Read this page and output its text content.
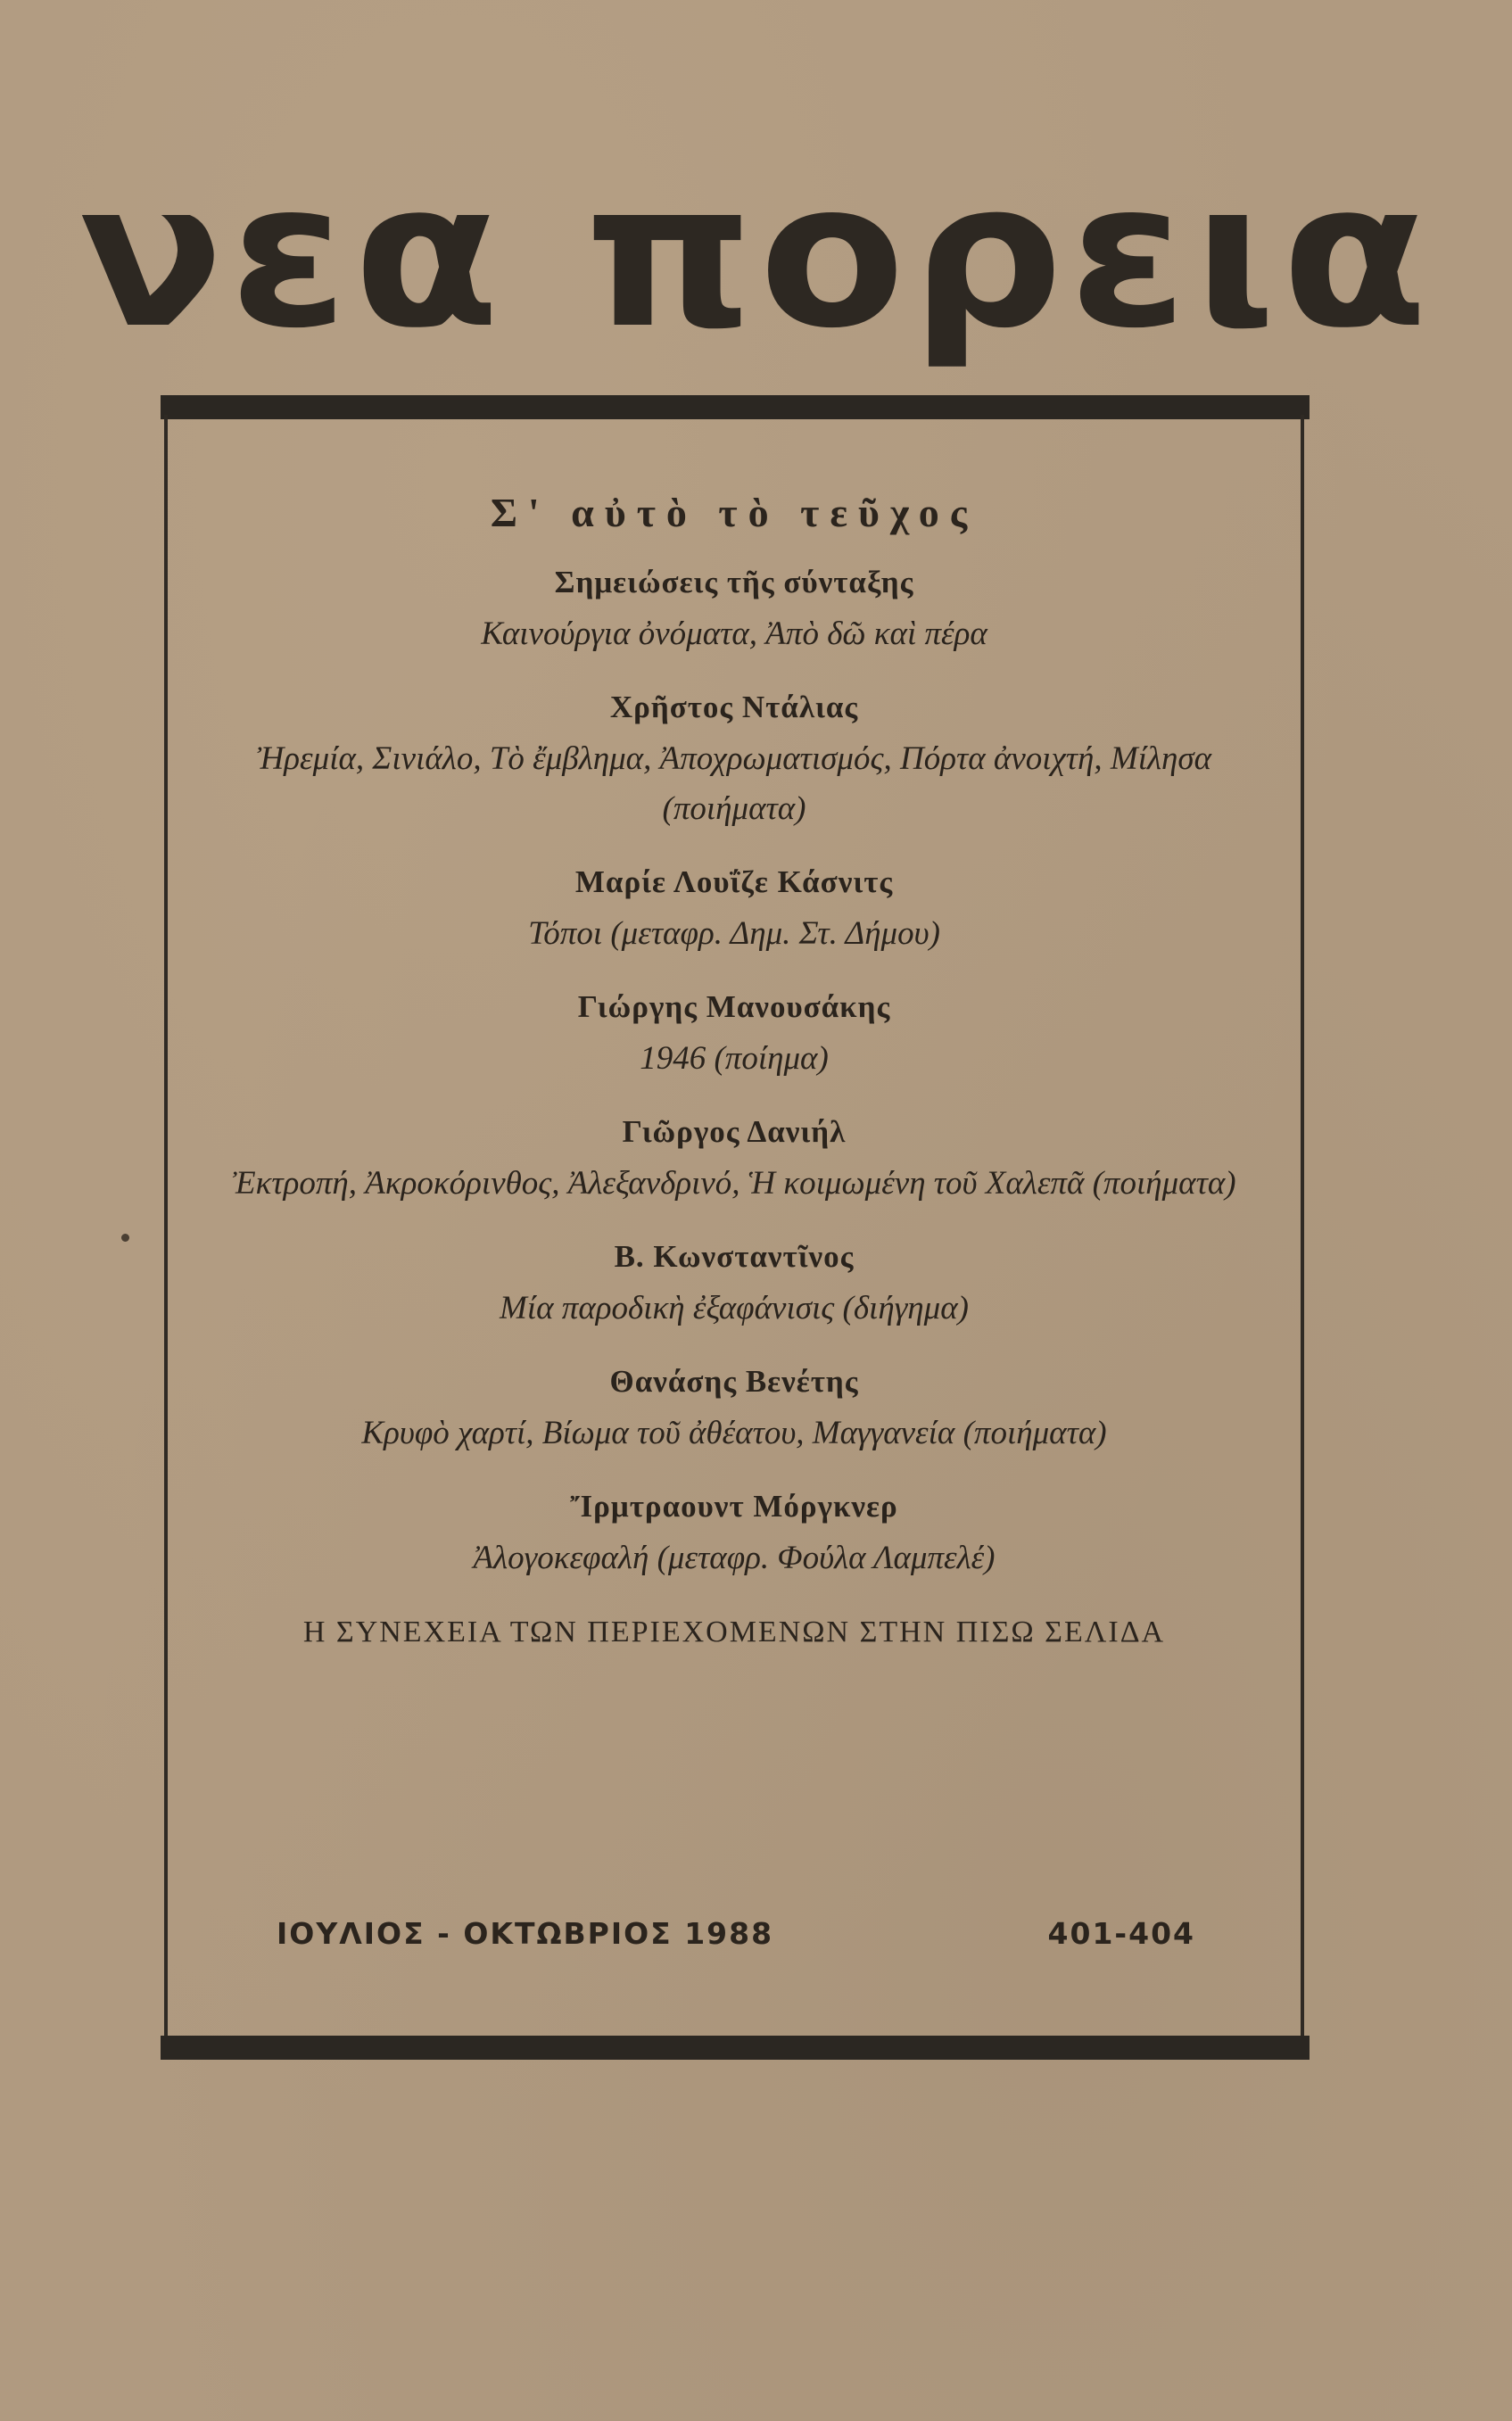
νεα πορεια
Σ' αὐτὸ τὸ τεῦχος
Σημειώσεις τῆς σύνταξης
Καινούργια ὀνόματα, Ἀπὸ δῶ καὶ πέρα
Χρῆστος Ντάλιας
Ἠρεμία, Σινιάλο, Τὸ ἔμβλημα, Ἀποχρωματισμός, Πόρτα ἀνοιχτή, Μίλησα (ποιήματα)
Μαρίε Λουΐζε Κάσνιτς
Τόποι (μεταφρ. Δημ. Στ. Δήμου)
Γιώργης Μανουσάκης
1946 (ποίημα)
Γιῶργος Δανιήλ
Ἐκτροπή, Ἀκροκόρινθος, Ἀλεξανδρινό, Ἡ κοιμωμένη τοῦ Χαλεπᾶ (ποιήματα)
Β. Κωνσταντῖνος
Μία παροδικὴ ἐξαφάνισις (διήγημα)
Θανάσης Βενέτης
Κρυφὸ χαρτί, Βίωμα τοῦ ἀθέατου, Μαγγανεία (ποιήματα)
Ἴρμτραουντ Μόργκνερ
Ἀλογοκεφαλή (μεταφρ. Φούλα Λαμπελέ)
Η ΣΥΝΕΧΕΙΑ ΤΩΝ ΠΕΡΙΕΧΟΜΕΝΩΝ ΣΤΗΝ ΠΙΣΩ ΣΕΛΙΔΑ
ΙΟΥΛΙΟΣ - ΟΚΤΩΒΡΙΟΣ 1988	401-404
